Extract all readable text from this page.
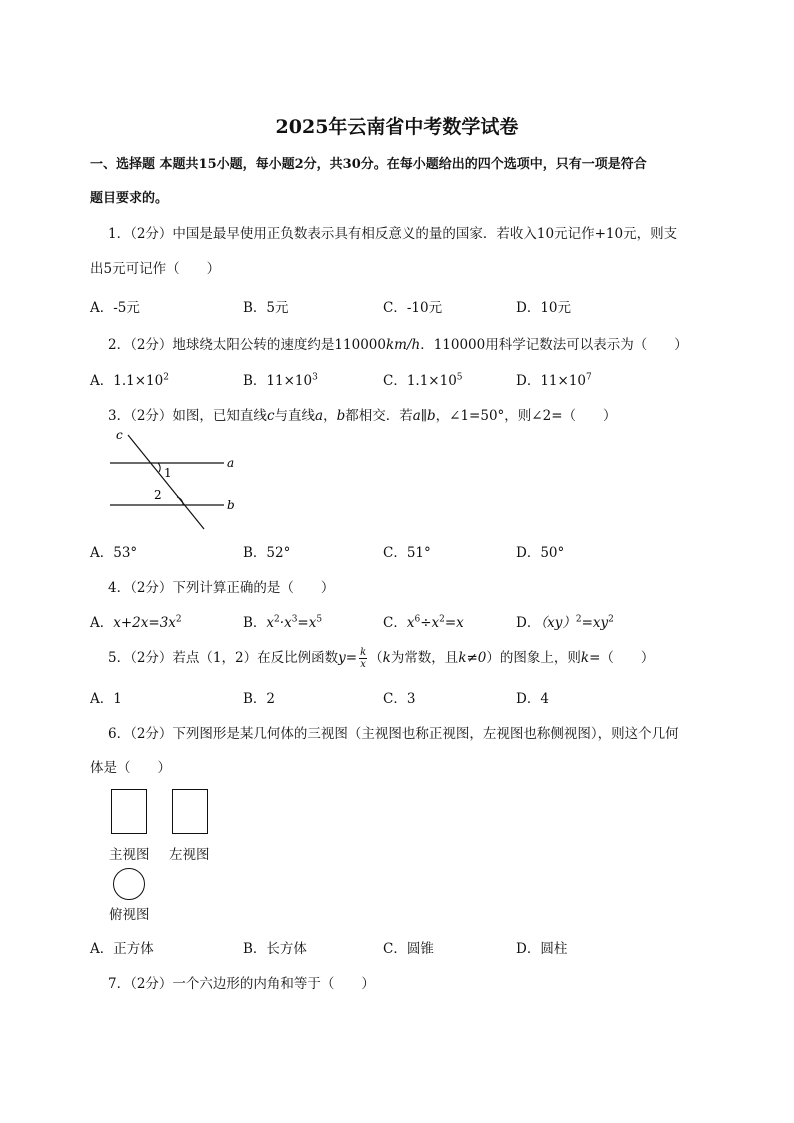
2025年云南省中考数学试卷
一、选择题 本题共15小题，每小题2分，共30分。在每小题给出的四个选项中，只有一项是符合
题目要求的。
1．（2分）中国是最早使用正负数表示具有相反意义的量的国家．若收入10元记作+10元，则支
出5元可记作（　　）
A．-5元	B．5元	C．-10元	D．10元
2．（2分）地球绕太阳公转的速度约是110000km/h．110000用科学记数法可以表示为（　　）
A．$1.1\times 10^2$	B．$11\times 10^3$	C．$1.1\times 10^5$	D．$11\times 10^7$
3．（2分）如图，已知直线c与直线a，b都相交．若a∥b，∠1=50°，则∠2=（　　）
c
a
b
1
2
A．53°	B．52°	C．51°	D．50°
4．（2分）下列计算正确的是（　　）
A．$x+2x=3x^2$	B．$x^2\cdot x^3=x^5$	C．$x^6\div x^2=x$	D．$(xy)^2=xy^2$
5．（2分）若点（1，2）在反比例函数$y= \frac{k}{x} (k$为常数，且k≠0）的图象上，则k=（　　）
A．1	B．2	C．3	D．4
6．（2分）下列图形是某几何体的三视图（主视图也称正视图，左视图也称侧视图），则这个几何
体是（　　）
主视图 左视图
俯视图
A．正方体	B．长方体	C．圆锥	D．圆柱
7．（2分）一个六边形的内角和等于（　　）
